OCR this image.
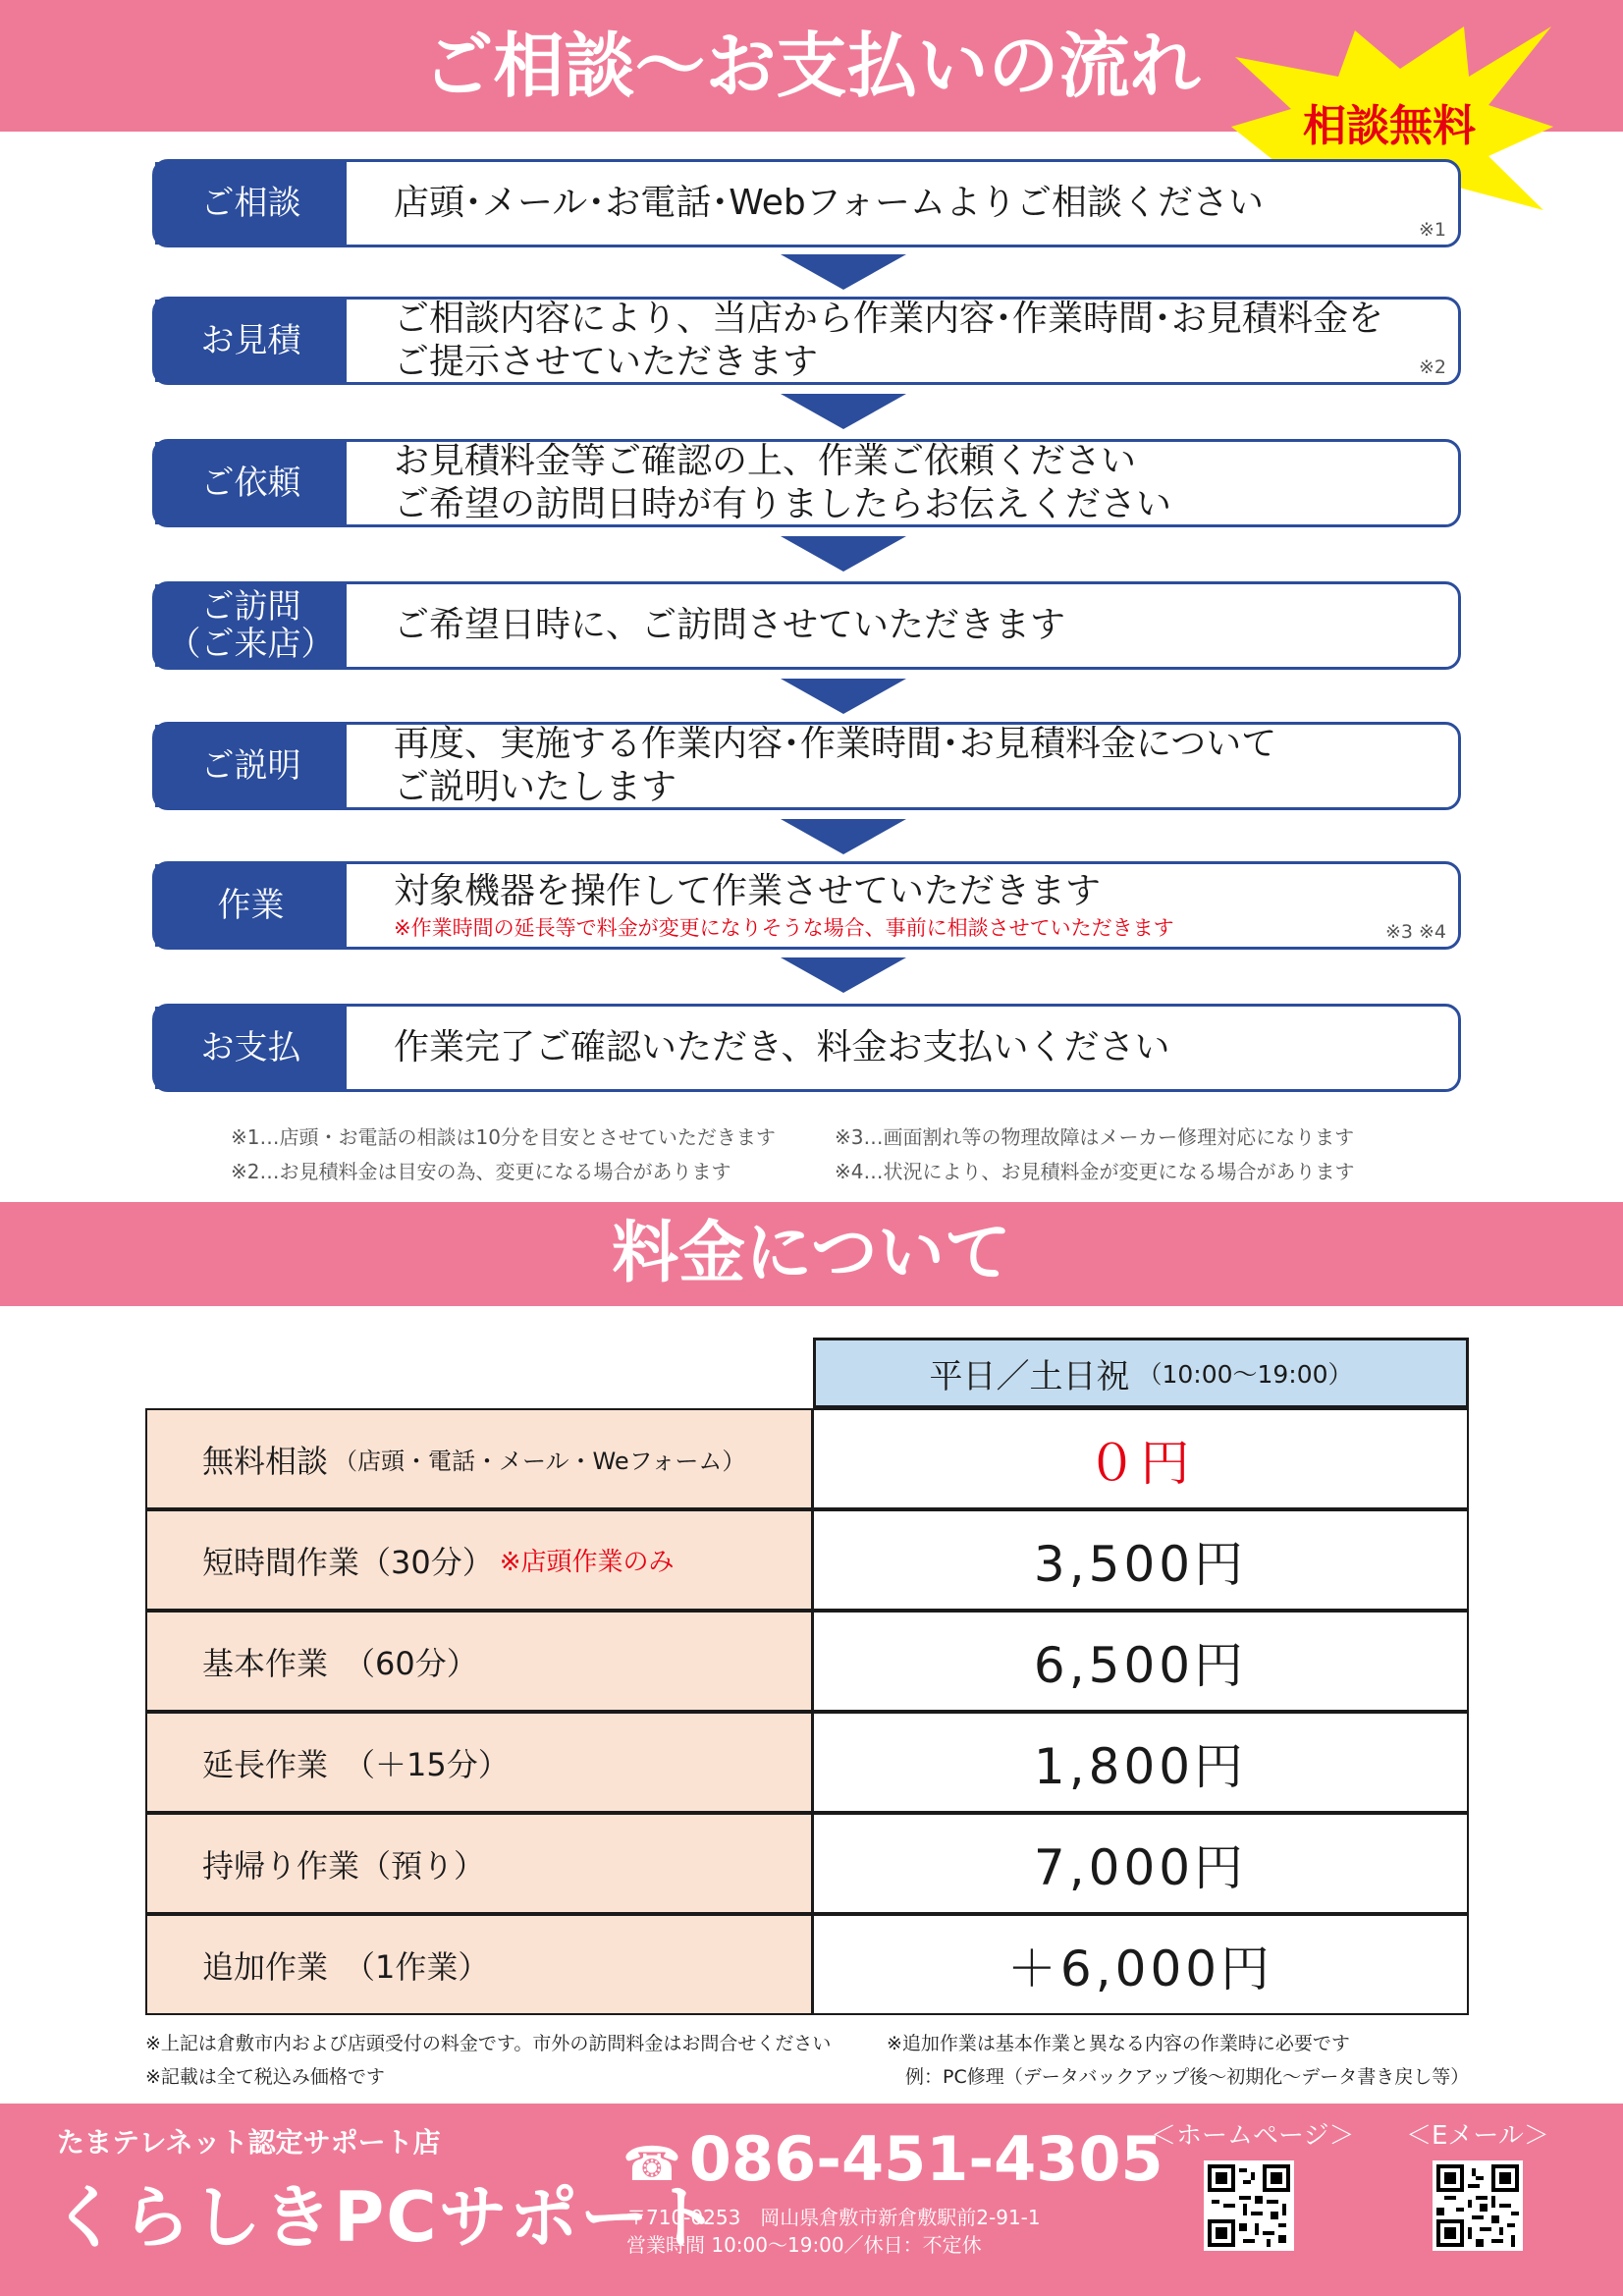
ご相談〜お支払いの流れ
相談無料
ご相談	店頭･メール･お電話･Webフォームよりご相談ください
※1
お見積
ご相談内容により、当店から作業内容･作業時間･お見積料金を
ご提示させていただきます	※2
ご依頼
お見積料金等ご確認の上、作業ご依頼ください
ご希望の訪問日時が有りましたらお伝えください
ご訪問
（ご来店）	ご希望日時に、ご訪問させていただきます
ご説明
再度、実施する作業内容･作業時間･お見積料金について
ご説明いたします
作業	対象機器を操作して作業させていただきます
※作業時間の延長等で料金が変更になりそうな場合、事前に相談させていただきます	※3 ※4
お支払	作業完了ご確認いただき、料金お支払いください
※1…店頭・お電話の相談は10分を目安とさせていただきます
※2…お見積料金は目安の為、変更になる場合があります
※3…画面割れ等の物理故障はメーカー修理対応になります
※4…状況により、お見積料金が変更になる場合があります
料金について
平日／土日祝 （10:00〜19:00）
無料相談 （店頭・電話・メール・Weフォーム）	０円
短時間作業（30分） ※店頭作業のみ	3,500円
基本作業　（60分）	6,500円
延長作業　（＋15分）	1,800円
持帰り作業（預り）	7,000円
追加作業　（1作業）	＋6,000円
※上記は倉敷市内および店頭受付の料金です。市外の訪問料金はお問合せください
※記載は全て税込み価格です
※追加作業は基本作業と異なる内容の作業時に必要です
例：PC修理（データバックアップ後〜初期化〜データ書き戻し等）
たまテレネット認定サポート店
くらしきPCサポート
☎ 086-451-4305
〒710-0253　岡山県倉敷市新倉敷駅前2-91-1
営業時間 10:00〜19:00／休日：不定休
＜ホームページ＞ ＜Eメール＞
